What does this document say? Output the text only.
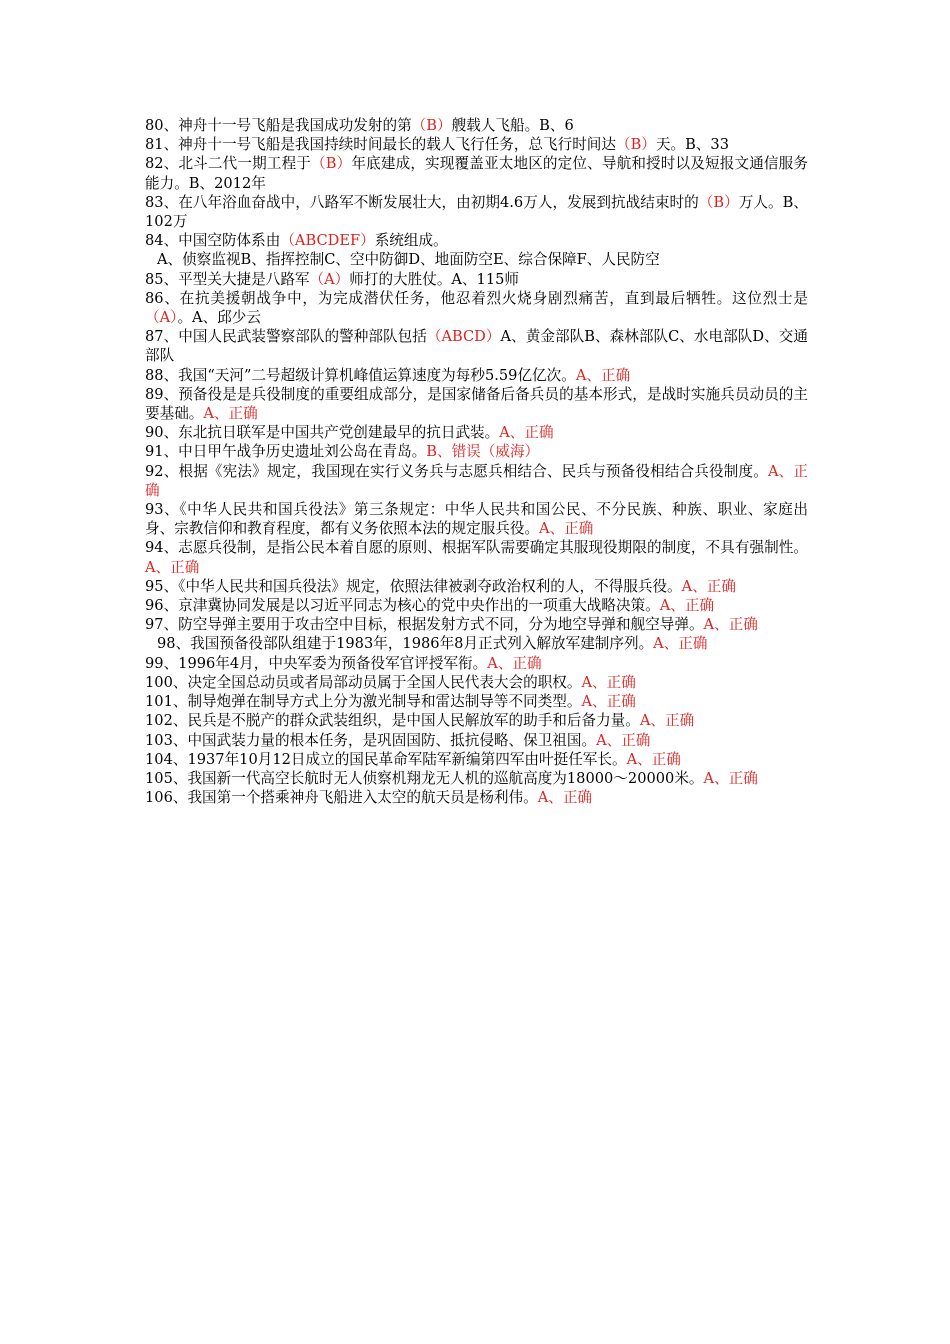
80、神舟十一号飞船是我国成功发射的第（B）艘载人飞船。B、6

81、神舟十一号飞船是我国持续时间最长的载人飞行任务，总飞行时间达（B）天。B、33

82、北斗二代一期工程于（B）年底建成，实现覆盖亚太地区的定位、导航和授时以及短报文通信服务能力。B、2012年

83、在八年浴血奋战中，八路军不断发展壮大，由初期4.6万人，发展到抗战结束时的（B）万人。B、102万

84、中国空防体系由（ABCDEF）系统组成。

A、侦察监视B、指挥控制C、空中防御D、地面防空E、综合保障F、人民防空

85、平型关大捷是八路军（A）师打的大胜仗。A、115师

86、在抗美援朝战争中，为完成潜伏任务，他忍着烈火烧身剧烈痛苦，直到最后牺牲。这位烈士是（A）。A、邱少云

87、中国人民武装警察部队的警种部队包括（ABCD）A、黄金部队B、森林部队C、水电部队D、交通部队

88、我国“天河”二号超级计算机峰值运算速度为每秒5.59亿亿次。A、正确

89、预备役是是兵役制度的重要组成部分，是国家储备后备兵员的基本形式，是战时实施兵员动员的主要基础。A、正确

90、东北抗日联军是中国共产党创建最早的抗日武装。A、正确

91、中日甲午战争历史遗址刘公岛在青岛。B、错误（威海）

92、根据《宪法》规定，我国现在实行义务兵与志愿兵相结合、民兵与预备役相结合兵役制度。A、正确

93、《中华人民共和国兵役法》第三条规定：中华人民共和国公民、不分民族、种族、职业、家庭出身、宗教信仰和教育程度，都有义务依照本法的规定服兵役。A、正确

94、志愿兵役制，是指公民本着自愿的原则、根据军队需要确定其服现役期限的制度，不具有强制性。A、正确

95、《中华人民共和国兵役法》规定，依照法律被剥夺政治权利的人，不得服兵役。A、正确

96、京津冀协同发展是以习近平同志为核心的党中央作出的一项重大战略决策。A、正确

97、防空导弹主要用于攻击空中目标，根据发射方式不同，分为地空导弹和舰空导弹。A、正确

98、我国预备役部队组建于1983年，1986年8月正式列入解放军建制序列。A、正确

99、1996年4月，中央军委为预备役军官评授军衔。A、正确

100、决定全国总动员或者局部动员属于全国人民代表大会的职权。A、正确

101、制导炮弹在制导方式上分为激光制导和雷达制导等不同类型。A、正确

102、民兵是不脱产的群众武装组织，是中国人民解放军的助手和后备力量。A、正确

103、中国武装力量的根本任务，是巩固国防、抵抗侵略、保卫祖国。A、正确

104、1937年10月12日成立的国民革命军陆军新编第四军由叶挺任军长。A、正确

105、我国新一代高空长航时无人侦察机翔龙无人机的巡航高度为18000～20000米。A、正确

106、我国第一个搭乘神舟飞船进入太空的航天员是杨利伟。A、正确
